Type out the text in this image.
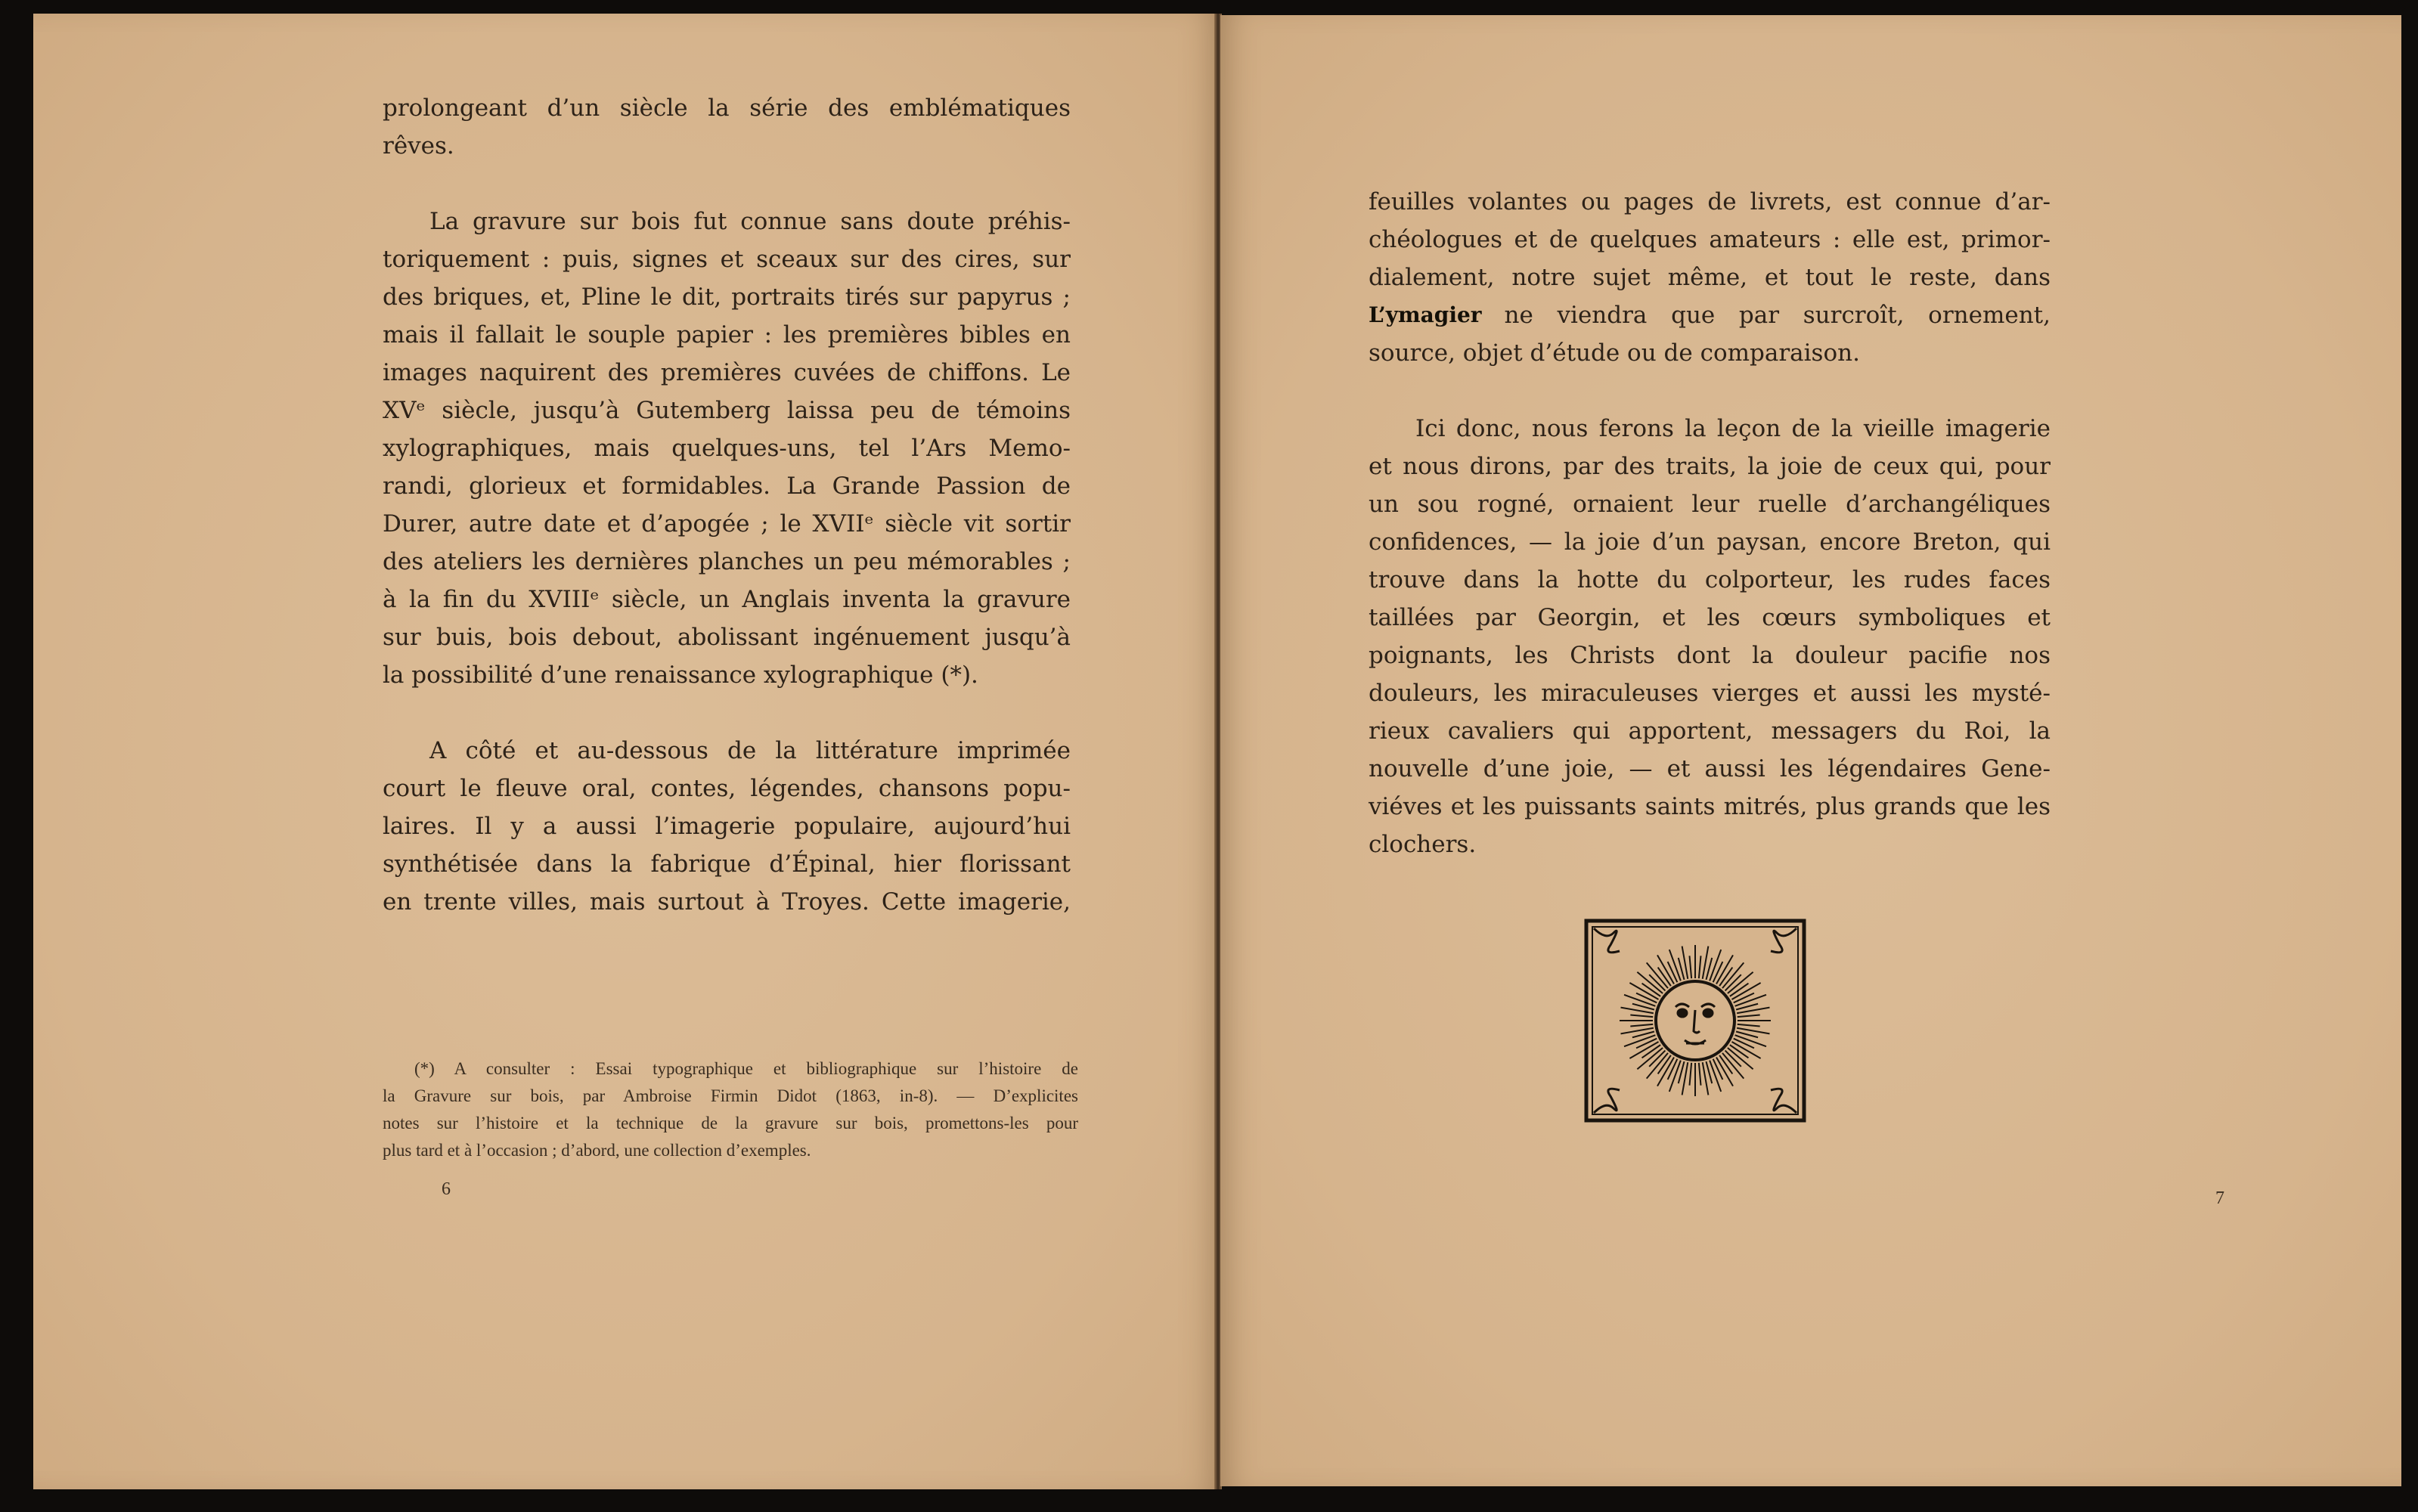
prolongeant d’un siècle la série des emblématiques
rêves.
La gravure sur bois fut connue sans doute préhis-
toriquement : puis, signes et sceaux sur des cires, sur
des briques, et, Pline le dit, portraits tirés sur papyrus ;
mais il fallait le souple papier : les premières bibles en
images naquirent des premières cuvées de chiffons. Le
XVᵉ siècle, jusqu’à Gutemberg laissa peu de témoins
xylographiques, mais quelques-uns, tel l’Ars Memo-
randi, glorieux et formidables. La Grande Passion de
Durer, autre date et d’apogée ; le XVIIᵉ siècle vit sortir
des ateliers les dernières planches un peu mémorables ;
à la fin du XVIIIᵉ siècle, un Anglais inventa la gravure
sur buis, bois debout, abolissant ingénuement jusqu’à
la possibilité d’une renaissance xylographique (*).
A côté et au-dessous de la littérature imprimée
court le fleuve oral, contes, légendes, chansons popu-
laires. Il y a aussi l’imagerie populaire, aujourd’hui
synthétisée dans la fabrique d’Épinal, hier florissant
en trente villes, mais surtout à Troyes. Cette imagerie,
(*) A consulter : Essai typographique et bibliographique sur l’histoire de
la Gravure sur bois, par Ambroise Firmin Didot (1863, in-8). — D’explicites
notes sur l’histoire et la technique de la gravure sur bois, promettons-les pour
plus tard et à l’occasion ; d’abord, une collection d’exemples.
6
feuilles volantes ou pages de livrets, est connue d’ar-
chéologues et de quelques amateurs : elle est, primor-
dialement, notre sujet même, et tout le reste, dans
L’ymagier ne viendra que par surcroît, ornement,
source, objet d’étude ou de comparaison.
Ici donc, nous ferons la leçon de la vieille imagerie
et nous dirons, par des traits, la joie de ceux qui, pour
un sou rogné, ornaient leur ruelle d’archangéliques
confidences, — la joie d’un paysan, encore Breton, qui
trouve dans la hotte du colporteur, les rudes faces
taillées par Georgin, et les cœurs symboliques et
poignants, les Christs dont la douleur pacifie nos
douleurs, les miraculeuses vierges et aussi les mysté-
rieux cavaliers qui apportent, messagers du Roi, la
nouvelle d’une joie, — et aussi les légendaires Gene-
viéves et les puissants saints mitrés, plus grands que les
clochers.
7
